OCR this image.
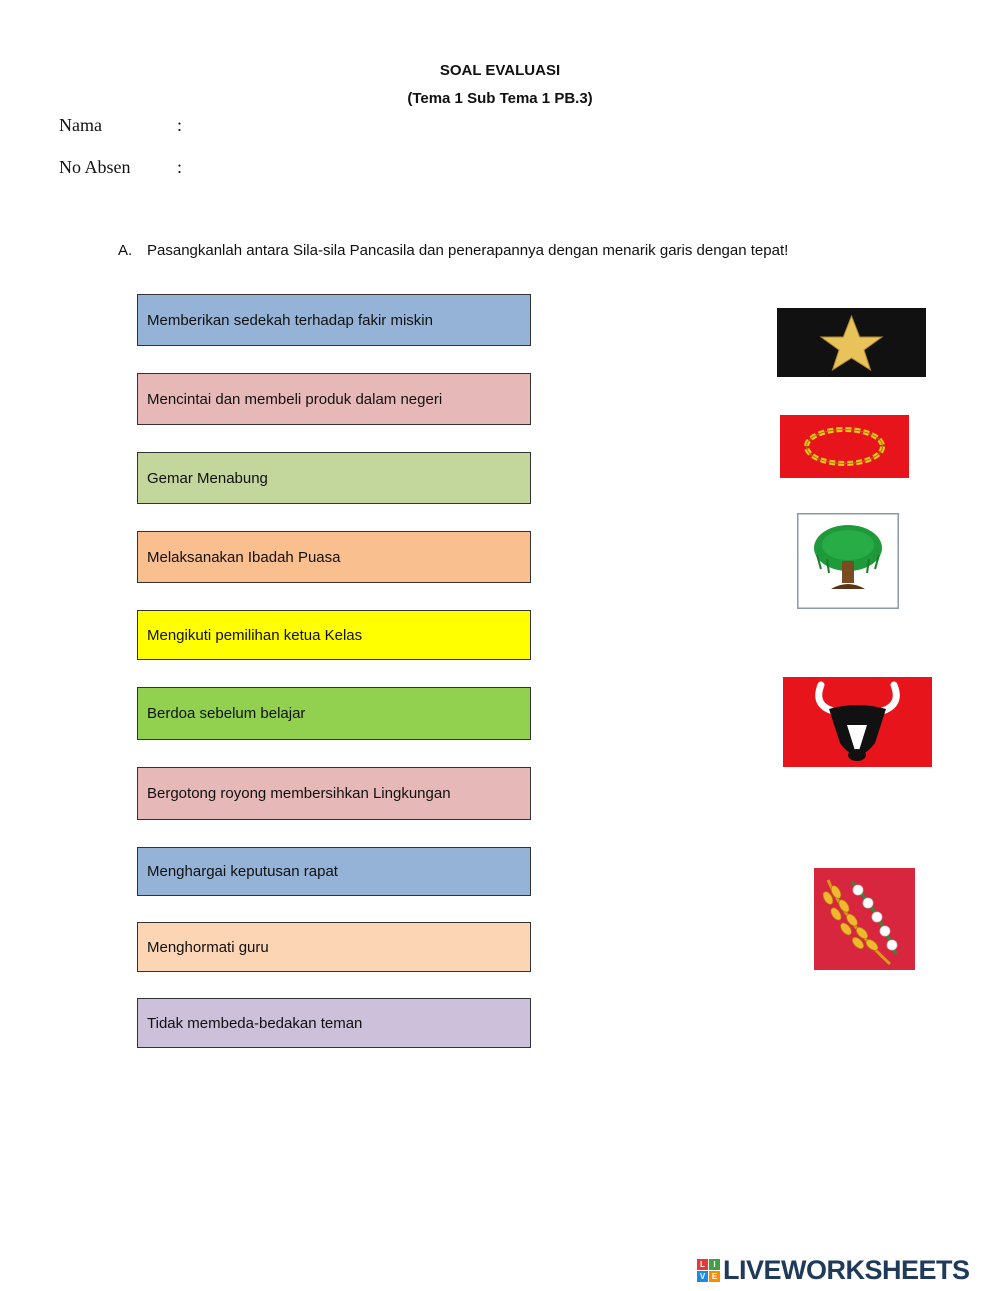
SOAL EVALUASI
(Tema 1 Sub Tema 1 PB.3)
Nama	:
No Absen	:
A. Pasangkanlah antara Sila-sila Pancasila dan penerapannya dengan menarik garis dengan tepat!
Memberikan sedekah terhadap fakir miskin
Mencintai dan membeli produk dalam negeri
Gemar Menabung
Melaksanakan Ibadah Puasa
Mengikuti pemilihan ketua Kelas
Berdoa sebelum belajar
Bergotong royong membersihkan Lingkungan
Menghargai keputusan rapat
Menghormati guru
Tidak membeda-bedakan teman
L	I
V E LIVEWORKSHEETS
